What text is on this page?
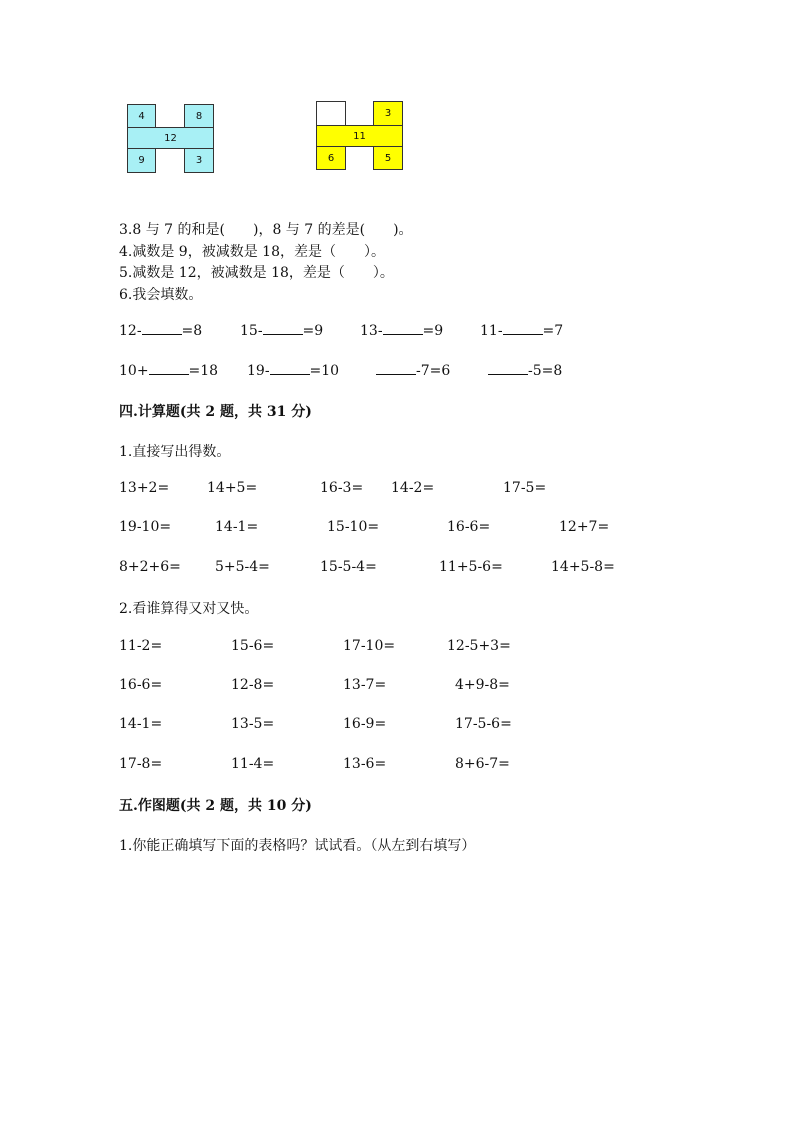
4	8
12
9	3
3
11
6	5
3.8 与 7 的和是(　　)，8 与 7 的差是(　　)。
4.减数是 9，被减数是 18，差是（　　）。
5.减数是 12，被减数是 18，差是（　　）。
6.我会填数。
12-	=8	15-	=9	13-	=9	11-	=7
10+	=18 19-	=10	-7=6	-5=8
四.计算题(共 2 题，共 31 分)
1.直接写出得数。
13+2=	14+5=	16-3= 14-2=	17-5=
19-10=	14-1=	15-10=	16-6=	12+7=
8+2+6= 5+5-4=	15-5-4=	11+5-6=	14+5-8=
2.看谁算得又对又快。
11-2=	15-6=	17-10=	12-5+3=
16-6=	12-8=	13-7=	4+9-8=
14-1=	13-5=	16-9=	17-5-6=
17-8=	11-4=	13-6=	8+6-7=
五.作图题(共 2 题，共 10 分)
1.你能正确填写下面的表格吗？试试看。（从左到右填写）
